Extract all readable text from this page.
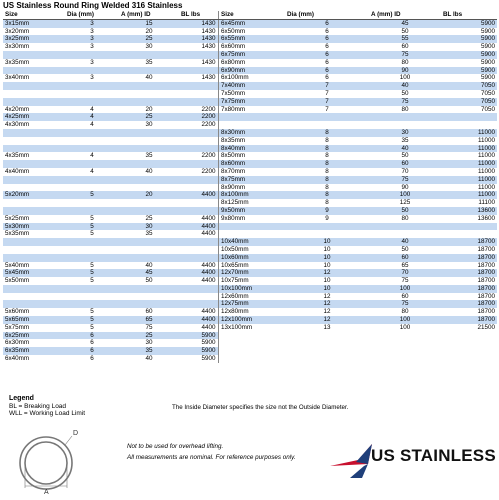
US Stainless Round Ring Welded 316 Stainless
Size	Dia (mm)	A (mm) ID	BL lbs
3x15mm	3	15	1430
3x20mm	3	20	1430
3x25mm	3	25	1430
3x30mm	3	30	1430

3x35mm	3	35	1430

3x40mm	3	40	1430

4x20mm	4	20	2200
4x25mm	4	25	2200
4x30mm	4	30	2200

4x35mm	4	35	2200

4x40mm	4	40	2200

5x20mm	5	20	4400

5x25mm	5	25	4400
5x30mm	5	30	4400
5x35mm	5	35	4400

5x40mm	5	40	4400
5x45mm	5	45	4400
5x50mm	5	50	4400

5x60mm	5	60	4400
5x65mm	5	65	4400
5x75mm	5	75	4400
6x25mm	6	25	5900
6x30mm	6	30	5900
6x35mm	6	35	5900
6x40mm	6	40	5900
Size	Dia (mm)	A (mm) ID	BL lbs
6x45mm	6	45	5900
6x50mm	6	50	5900
6x55mm	6	55	5900
6x60mm	6	60	5900
6x75mm	6	75	5900
6x80mm	6	80	5900
6x90mm	6	90	5900
6x100mm	6	100	5900
7x40mm	7	40	7050
7x50mm	7	50	7050
7x75mm	7	75	7050
7x80mm	7	80	7050

8x30mm	8	30	11000
8x35mm	8	35	11000
8x40mm	8	40	11000
8x50mm	8	50	11000
8x60mm	8	60	11000
8x70mm	8	70	11000
8x75mm	8	75	11000
8x90mm	8	90	11000
8x100mm	8	100	11000
8x125mm	8	125	11100
9x50mm	9	50	13600
9x80mm	9	80	13600

10x40mm	10	40	18700
10x50mm	10	50	18700
10x60mm	10	60	18700
10x65mm	10	65	18700
12x70mm	12	70	18700
10x75mm	10	75	18700
10x100mm	10	100	18700
12x60mm	12	60	18700
12x75mm	12	75	18700
12x80mm	12	80	18700
12x100mm	12	100	18700
13x100mm	13	100	21500
Legend
BL = Breaking Load
WLL = Working Load Limit
The Inside Diameter specifies the size not the Outside Diameter.
D
A
Not to be used for overhead lifting.
All measurements are nominal. For reference purposes only.	US STAINLESS
